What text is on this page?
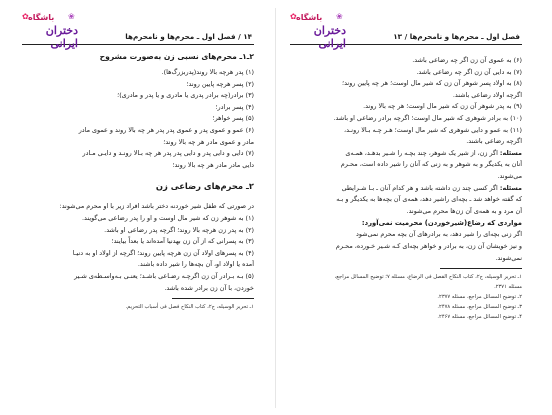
۱۴ / فصل اول ـ محرم‌ها و نامحرم‌ها
✿ باشگاه
دختران ایرانی
❀

۲ـ۱ـ محرم‌های نسبی زن به‌صورت مشروح

(۱) پدر هرچه بالا روند(پدربزرگ‌ها).

(۲) پسر هرچه پایین روند؛

(۳) برادر(چه برادر پدری یا مادری و یا پدر و مادری)؛

(۴) پسر برادر؛

(۵) پسر خواهر؛

(۶) عمو و عموی پدر و عموی پدر پدر هر چه بالا روند و عموی مادر

مادر و عموی مادر هر چه بالا روند؛

(۷) دایی و دایی پدر و دایی پدر پدر هر چه بـالا رونـد و دایـی مـادر

دایی مادر مادر هر چه بالا روند؛

۲ـ محرم‌های رضاعی زن

در صورتی که طفل شیر خوردنه دختر باشد افراد زیر با او محرم می‌شوند:

(۱) به شوهر زن که شیر مال اوست و او را پدر رضاعی می‌گویند.

(۲) به پدر زن هرچه بالا روند؛ اگرچه پدر رضاعی او باشد.

(۳) به پسرانی که از آن زن بهدنیا آمده‌اند یا بعداً بیایند؛

(۴) به پسرهای اولاد آن زن هرچه پایین روند؛ اگرچه از اولاد او به دنیـا

آمده یا اولاد او، آن بچه‌ها را شیر داده باشند.

(۵) بـه بـرادر آن زن اگرچـه رضـاعی باشـد؛ یعنـی بـه‌واسـطه‌ی شـیر

خوردن، با آن زن برادر شده باشد.

۱ـ تحریر الوسیله، ج۲، کتاب النکاح فصل فی أسباب التحریم.

فصل اول ـ محرم‌ها و نامحرم‌ها / ۱۳
✿ باشگاه
دختران ایرانی
❀

(۶) به عموی آن زن اگر چه رضاعی باشد.

(۷) به دایی آن زن اگر چه رضاعی باشد.

(۸) به اولاد پسر شوهر آن زن که شیر مال اوست؛ هر چه پایین روند؛

اگرچه اولاد رضاعی باشند.

(۹) به پدر شوهر آن زن که شیر مال اوست؛ هر چه بالا روند.

(۱۰) به برادر شوهری که شیر مال اوست؛ اگرچه برادر رضاعی او باشد.

(۱۱) به عمو و دایی شوهری که شیر مال اوست؛ هـر چـه بـالا رونـد،

اگرچه رضاعی باشند.

مسئله: اگر زن، از شیر یک شوهر، چند بچـه را شـیر بدهـد، همـه‌ی

آنان به یکدیگر و به شوهر و به زنی که آنان را شیر داده است، محـرم

می‌شوند.

مسئله: اگر کسی چند زن داشته باشد و هر کدام آنان ـ بـا شـرایطی

که گفته خواهد شد ـ بچه‌ای راشیر دهد، همه‌ی آن بچه‌ها به یکدیگر و بـه

آن مرد و به همه‌ی آن زن‌ها محرم می‌شوند.

مواردی که رضاع(شیرخوردن) محرمیت نمی‌آورد:

اگر زنی بچه‌ای را شیر دهد، به برادرهای آن بچه محرم نمی‌شود

و نیز خویشان آن زن، به برادر و خواهر بچه‌ای کـه شـیر خـورده، محـرم

نمی‌شوند.

۱ـ تحریر الوسیله، ج۲، کتاب النکاح الفصل فی الرضاع، مسئله ۷؛ توضیح المسائل مراجع،

مسئله ۲۳۷۱.

۲ـ توضیح المسائل مراجع، مسئله ۲۳۷۷.

۳ـ توضیح المسائل مراجع، مسئله ۲۴۷۸.

۴ـ توضیح المسائل مراجع، مسئله ۲۴۶۷.
